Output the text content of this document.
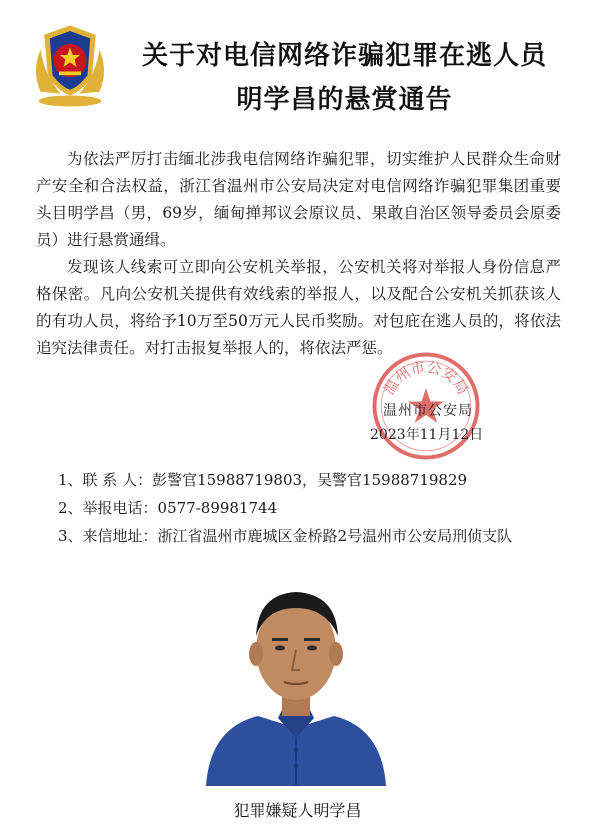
关于对电信网络诈骗犯罪在逃人员
明学昌的悬赏通告

为依法严厉打击缅北涉我电信网络诈骗犯罪，切实维护人民群众生命财产安全和合法权益，浙江省温州市公安局决定对电信网络诈骗犯罪集团重要头目明学昌（男，69岁，缅甸掸邦议会原议员、果敢自治区领导委员会原委员）进行悬赏通缉。

发现该人线索可立即向公安机关举报，公安机关将对举报人身份信息严格保密。凡向公安机关提供有效线索的举报人，以及配合公安机关抓获该人的有功人员，将给予10万至50万元人民币奖励。对包庇在逃人员的，将依法追究法律责任。对打击报复举报人的，将依法严惩。

温州市公安局
温州市公安局
2023年11月12日
1、联 系 人：彭警官15988719803，吴警官15988719829
2、举报电话：0577-89981744
3、来信地址：浙江省温州市鹿城区金桥路2号温州市公安局刑侦支队
犯罪嫌疑人明学昌
